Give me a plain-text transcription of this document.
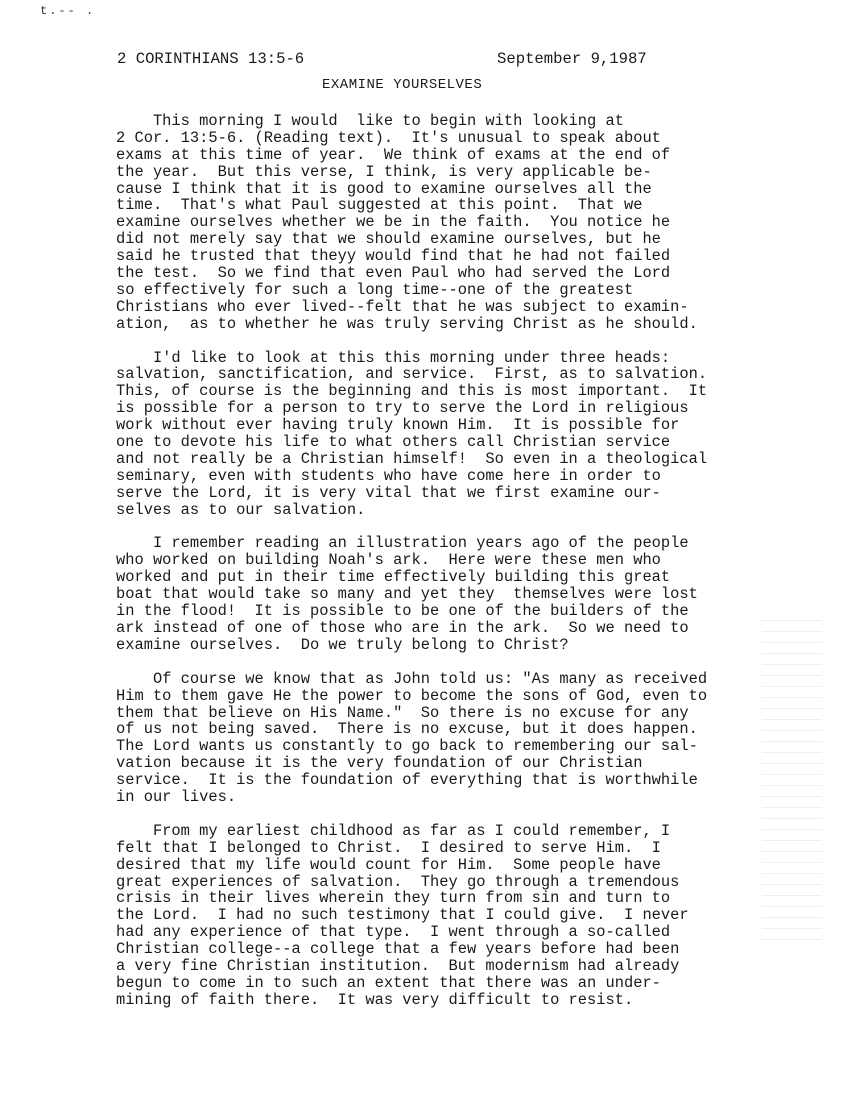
t.-- .
2 CORINTHIANS 13:5-6	September 9,1987
EXAMINE YOURSELVES
This morning I would  like to begin with looking at
2 Cor. 13:5-6. (Reading text).  It's unusual to speak about
exams at this time of year.  We think of exams at the end of
the year.  But this verse, I think, is very applicable be-
cause I think that it is good to examine ourselves all the
time.  That's what Paul suggested at this point.  That we
examine ourselves whether we be in the faith.  You notice he
did not merely say that we should examine ourselves, but he
said he trusted that theyy would find that he had not failed
the test.  So we find that even Paul who had served the Lord
so effectively for such a long time--one of the greatest
Christians who ever lived--felt that he was subject to examin-
ation,  as to whether he was truly serving Christ as he should.
I'd like to look at this this morning under three heads:
salvation, sanctification, and service.  First, as to salvation.
This, of course is the beginning and this is most important.  It
is possible for a person to try to serve the Lord in religious
work without ever having truly known Him.  It is possible for
one to devote his life to what others call Christian service
and not really be a Christian himself!  So even in a theological
seminary, even with students who have come here in order to
serve the Lord, it is very vital that we first examine our-
selves as to our salvation.
I remember reading an illustration years ago of the people
who worked on building Noah's ark.  Here were these men who
worked and put in their time effectively building this great
boat that would take so many and yet they  themselves were lost
in the flood!  It is possible to be one of the builders of the
ark instead of one of those who are in the ark.  So we need to
examine ourselves.  Do we truly belong to Christ?
Of course we know that as John told us: "As many as received
Him to them gave He the power to become the sons of God, even to
them that believe on His Name."  So there is no excuse for any
of us not being saved.  There is no excuse, but it does happen.
The Lord wants us constantly to go back to remembering our sal-
vation because it is the very foundation of our Christian
service.  It is the foundation of everything that is worthwhile
in our lives.
From my earliest childhood as far as I could remember, I
felt that I belonged to Christ.  I desired to serve Him.  I
desired that my life would count for Him.  Some people have
great experiences of salvation.  They go through a tremendous
crisis in their lives wherein they turn from sin and turn to
the Lord.  I had no such testimony that I could give.  I never
had any experience of that type.  I went through a so-called
Christian college--a college that a few years before had been
a very fine Christian institution.  But modernism had already
begun to come in to such an extent that there was an under-
mining of faith there.  It was very difficult to resist.
